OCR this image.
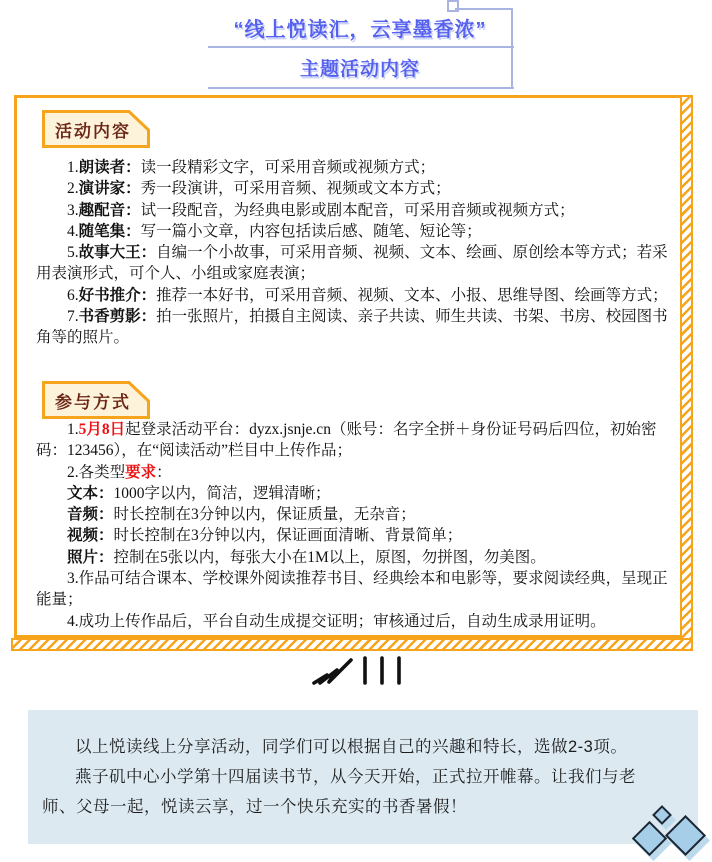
“线上悦读汇，云享墨香浓”
主题活动内容
活动内容

1.朗读者：读一段精彩文字，可采用音频或视频方式；

2.演讲家：秀一段演讲，可采用音频、视频或文本方式；

3.趣配音：试一段配音，为经典电影或剧本配音，可采用音频或视频方式；

4.随笔集：写一篇小文章，内容包括读后感、随笔、短论等；

5.故事大王：自编一个小故事，可采用音频、视频、文本、绘画、原创绘本等方式；若采用表演形式，可个人、小组或家庭表演；

6.好书推介：推荐一本好书，可采用音频、视频、文本、小报、思维导图、绘画等方式；

7.书香剪影：拍一张照片，拍摄自主阅读、亲子共读、师生共读、书架、书房、校园图书角等的照片。

参与方式

1.5月8日起登录活动平台：dyzx.jsnje.cn（账号：名字全拼＋身份证号码后四位，初始密码：123456），在“阅读活动”栏目中上传作品；

2.各类型要求：

文本：1000字以内，简洁，逻辑清晰；

音频：时长控制在3分钟以内，保证质量，无杂音；

视频：时长控制在3分钟以内，保证画面清晰、背景简单；

照片：控制在5张以内，每张大小在1M以上，原图，勿拼图，勿美图。

3.作品可结合课本、学校课外阅读推荐书目、经典绘本和电影等，要求阅读经典，呈现正能量；

4.成功上传作品后，平台自动生成提交证明；审核通过后，自动生成录用证明。

以上悦读线上分享活动，同学们可以根据自己的兴趣和特长，选做2-3项。

燕子矶中心小学第十四届读书节，从今天开始，正式拉开帷幕。让我们与老师、父母一起，悦读云享，过一个快乐充实的书香暑假！
